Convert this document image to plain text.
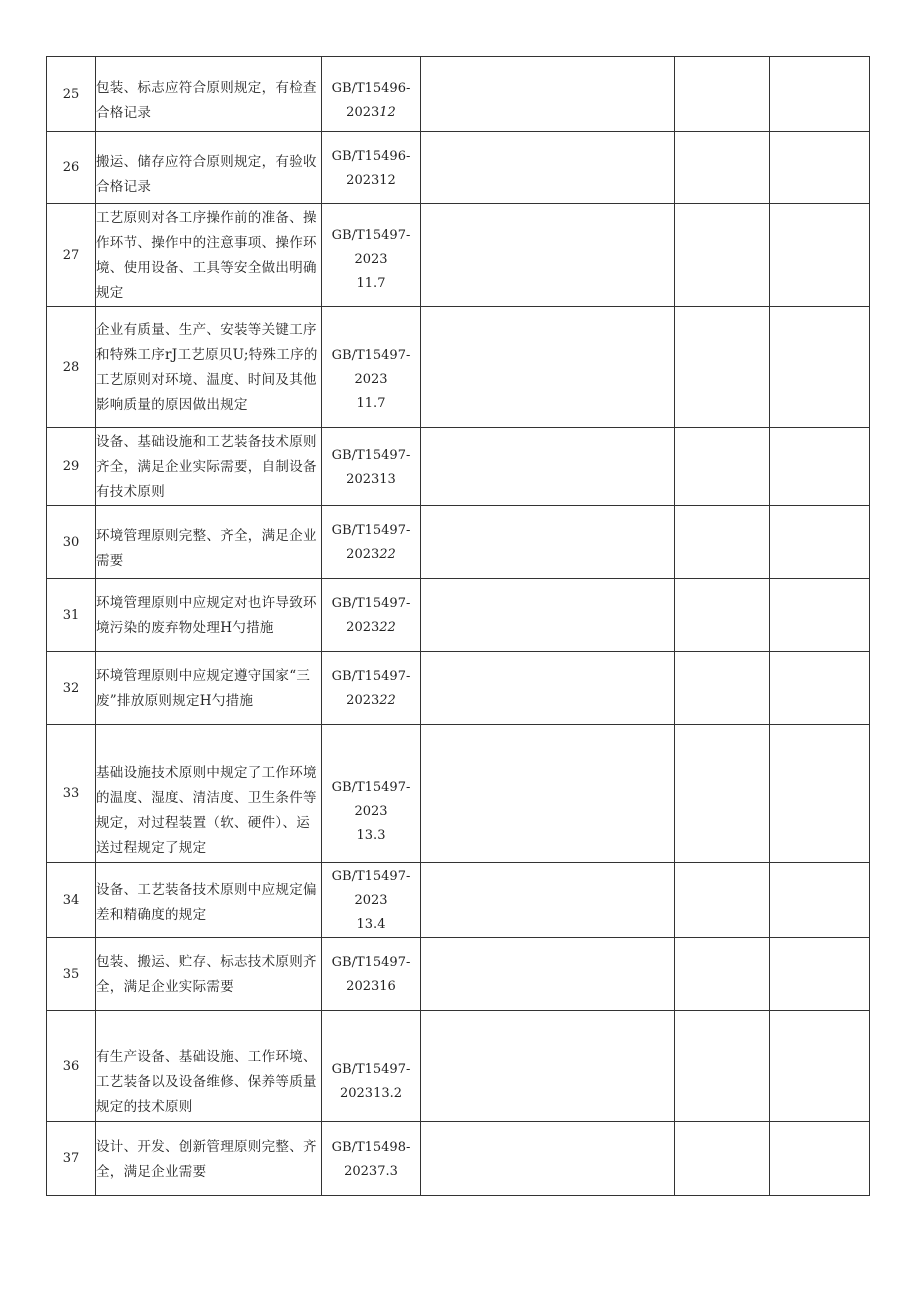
25	包装、标志应符合原则规定，有检查合格记录	GB/T15496-
202312			

26	搬运、储存应符合原则规定，有验收合格记录	GB/T15496-
202312			

27	工艺原则对各工序操作前的准备、操作环节、操作中的注意事项、操作环境、使用设备、工具等安全做出明确规定	GB/T15497-
2023
11.7			

28	企业有质量、生产、安装等关键工序和特殊工序rJ工艺原贝U;特殊工序的工艺原则对环境、温度、时间及其他影响质量的原因做出规定	GB/T15497-
2023
11.7			

29	设备、基础设施和工艺装备技术原则齐全，满足企业实际需要，自制设备有技术原则	GB/T15497-
202313			

30	环境管理原则完整、齐全，满足企业需要	GB/T15497-
202322			

31	环境管理原则中应规定对也许导致环境污染的废弃物处理H勺措施	GB/T15497-
202322			

32	环境管理原则中应规定遵守国家“三废”排放原则规定H勺措施	GB/T15497-
202322			

33	基础设施技术原则中规定了工作环境的温度、湿度、清洁度、卫生条件等规定，对过程装置（软、硬件）、运送过程规定了规定	GB/T15497-
2023
13.3			

34	设备、工艺装备技术原则中应规定偏差和精确度的规定	GB/T15497-
2023
13.4			

35	包装、搬运、贮存、标志技术原则齐全，满足企业实际需要	GB/T15497-
202316			

36	有生产设备、基础设施、工作环境、工艺装备以及设备维修、保养等质量规定的技术原则	GB/T15497-
202313.2			

37	设计、开发、创新管理原则完整、齐全，满足企业需要	GB/T15498-
20237.3			
